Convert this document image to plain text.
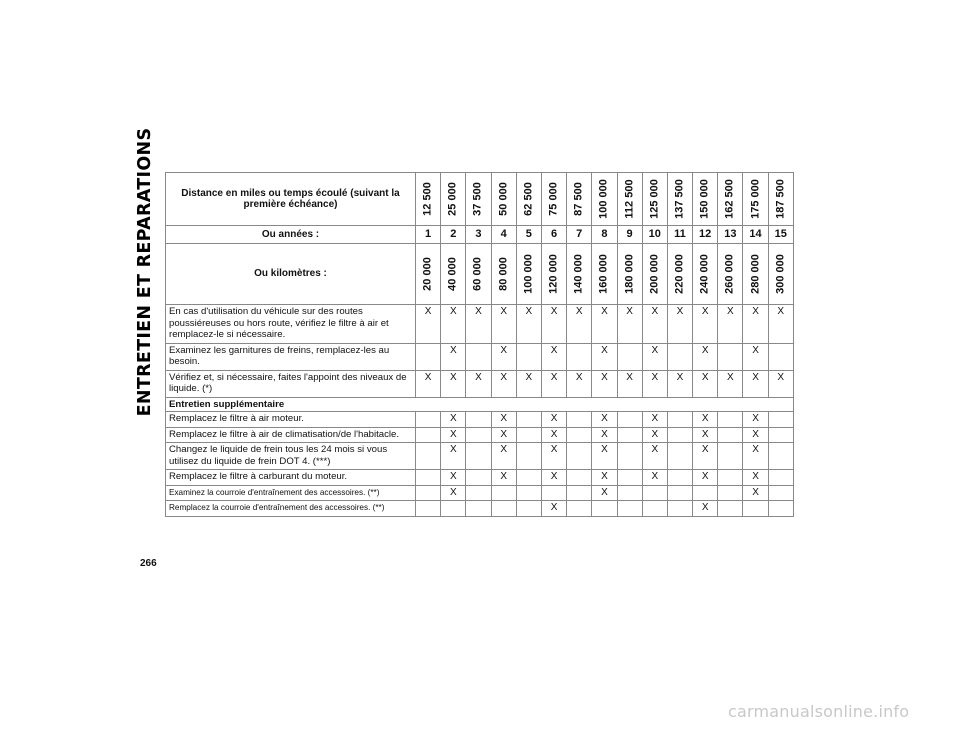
ENTRETIEN ET REPARATIONS	Distance en miles ou temps écoulé (suivant la première échéance)	12 500	25 000	37 500	50 000	62 500	75 000	87 500	100 000	112 500	125 000	137 500	150 000	162 500	175 000	187 500

Ou années :	1	2	3	4	5	6	7	8	9	10	11	12	13	14	15
Ou kilomètres :	20 000	40 000	60 000	80 000	100 000	120 000	140 000	160 000	180 000	200 000	220 000	240 000	260 000	280 000	300 000

En cas d'utilisation du véhicule sur des routes poussiéreuses ou hors route, vérifiez le filtre à air et remplacez-le si nécessaire.	X	X	X	X	X	X	X	X	X	X	X	X	X	X	X
Examinez les garnitures de freins, remplacez-les au besoin.		X		X		X		X		X		X		X	
Vérifiez et, si nécessaire, faites l'appoint des niveaux de liquide. (*)	X	X	X	X	X	X	X	X	X	X	X	X	X	X	X
Entretien supplémentaire															
Remplacez le filtre à air moteur.		X		X		X		X		X		X		X	
Remplacez le filtre à air de climatisation/de l'habitacle.		X		X		X		X		X		X		X	
Changez le liquide de frein tous les 24 mois si vous utilisez du liquide de frein DOT 4. (***)		X		X		X		X		X		X		X	
Remplacez le filtre à carburant du moteur.		X		X		X		X		X		X		X	
Examinez la courroie d'entraînement des accessoires. (**)		X						X						X	
Remplacez la courroie d'entraînement des accessoires. (**)						X						X			
266
carmanualsonline.info
